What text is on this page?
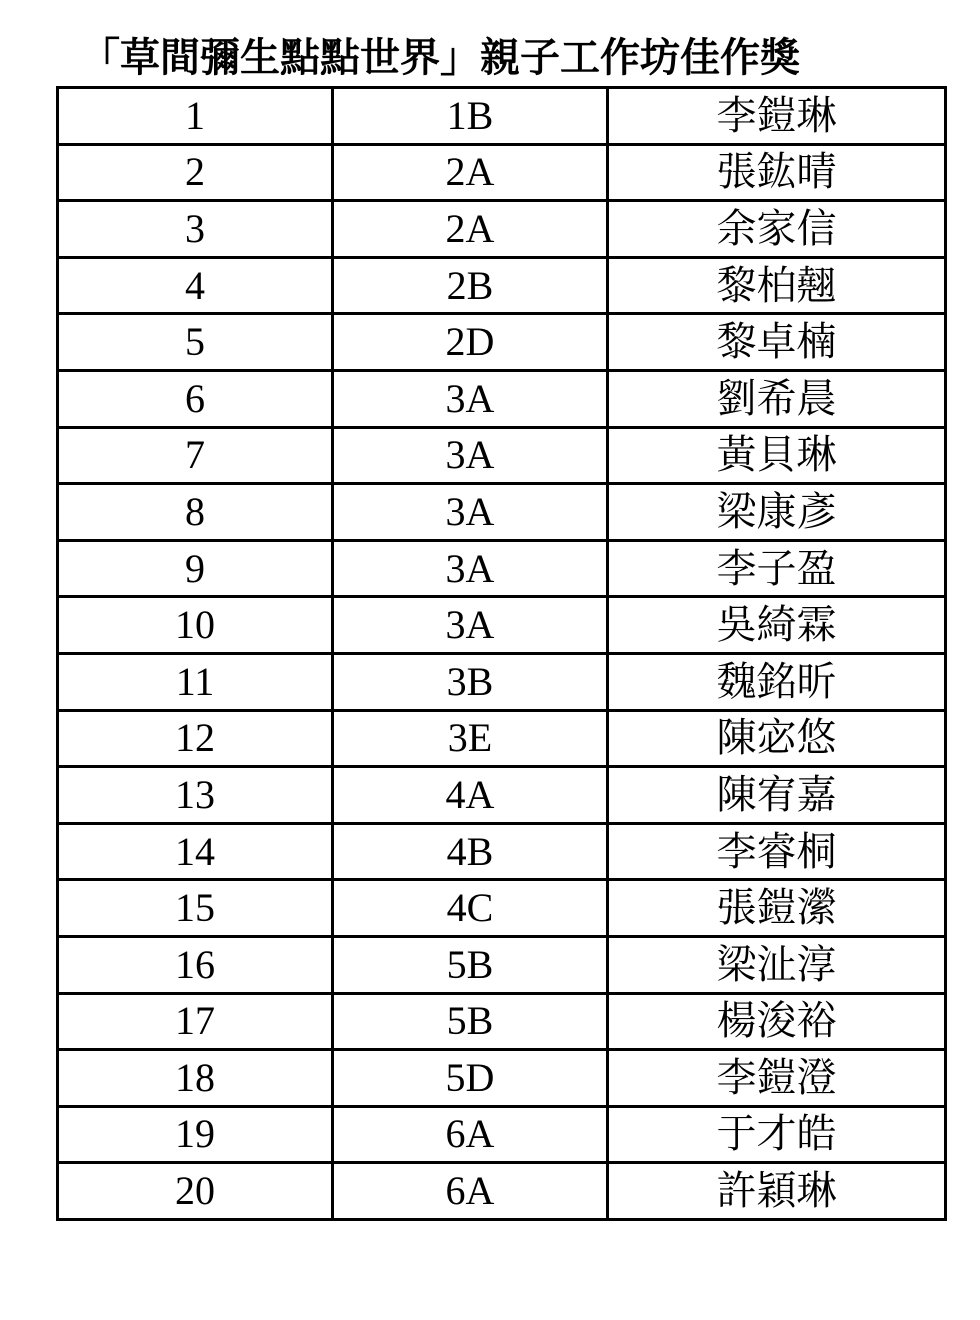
「草間彌生點點世界」親子工作坊佳作獎
1	1B	李鎧琳
2	2A	張鈜晴
3	2A	余家信
4	2B	黎柏翹
5	2D	黎卓楠
6	3A	劉希晨
7	3A	黃貝琳
8	3A	梁康彥
9	3A	李子盈
10	3A	吳綺霖
11	3B	魏銘昕
12	3E	陳宓悠
13	4A	陳宥嘉
14	4B	李睿桐
15	4C	張鎧瀠
16	5B	梁沚淳
17	5B	楊浚裕
18	5D	李鎧澄
19	6A	于才皓
20	6A	許穎琳
